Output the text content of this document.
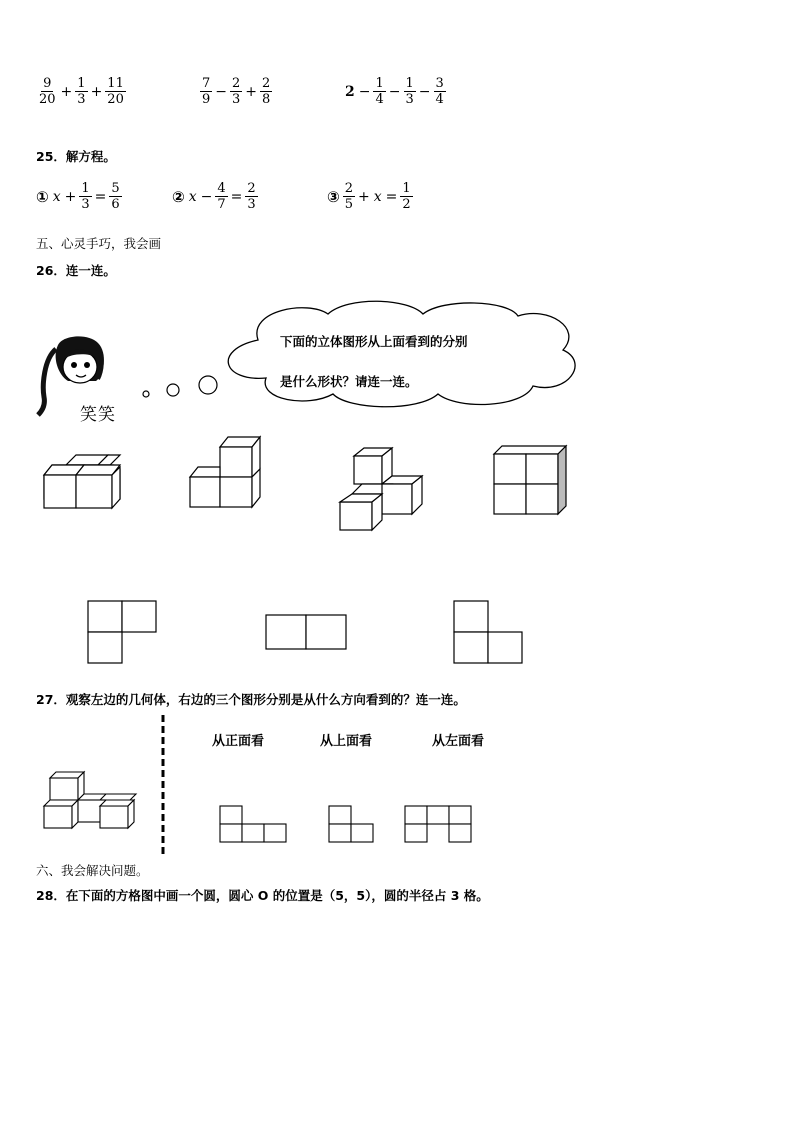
$\frac{9}{20} + \frac{1}{3} + \frac{11}{20}$	$\frac{7}{9} - \frac{2}{3} + \frac{2}{8}$	$2 - \frac{1}{4} - \frac{1}{3} - \frac{3}{4}$
25．解方程。
① $x + \frac{1}{3} = \frac{5}{6}$	② $x - \frac{4}{7} = \frac{2}{3}$	③ $\frac{2}{5} + x = \frac{1}{2}$
五、心灵手巧，我会画
26．连一连。
笑笑
下面的立体图形从上面看到的分别
是什么形状？请连一连。
27．观察左边的几何体，右边的三个图形分别是从什么方向看到的？连一连。
从正面看	从上面看	从左面看
六、我会解决问题。
28．在下面的方格图中画一个圆，圆心 O 的位置是（5，5），圆的半径占 3 格。
